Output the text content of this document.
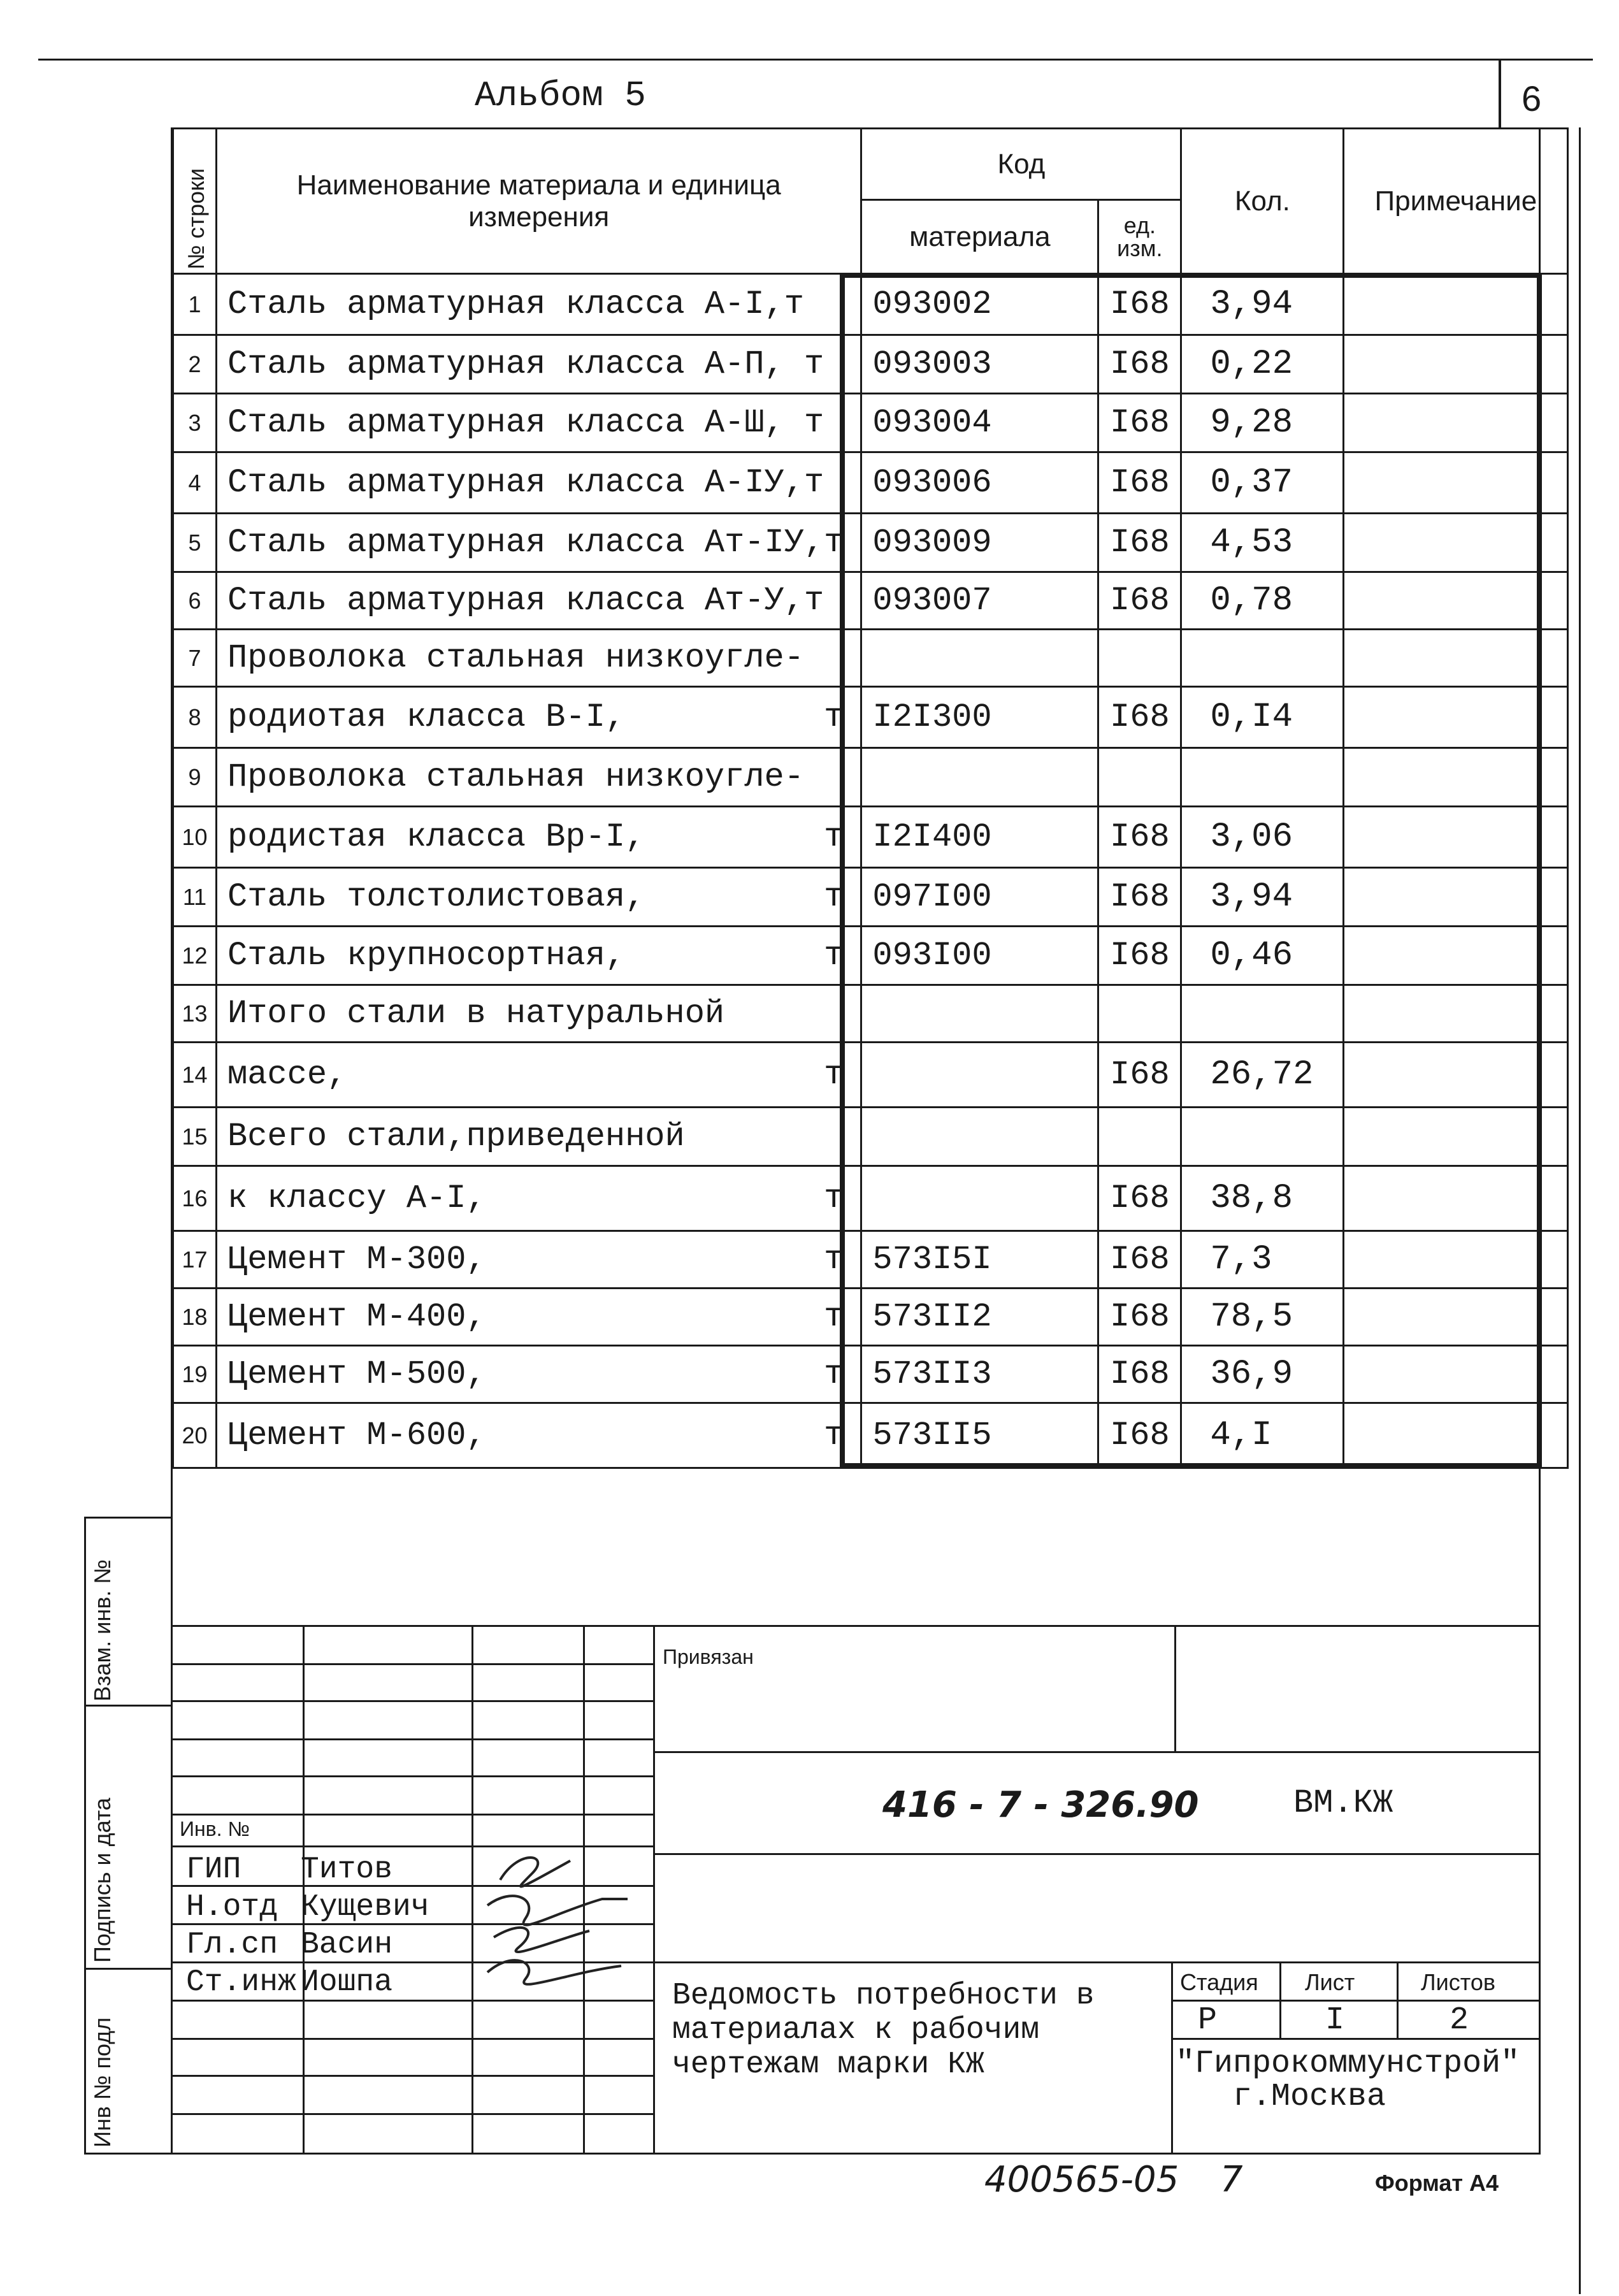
Альбом 5	6
№ строки	Наименование материала и единица измерения	Код		Кол.	Примечание
		материала	ед. изм.		
1	Сталь арматурная класса А-I,т	093002	I68	3,94	
2	Сталь арматурная класса А-П, т	093003	I68	0,22	
3	Сталь арматурная класса А-Ш, т	093004	I68	9,28	
4	Сталь арматурная класса А-IУ,т	093006	I68	0,37	
5	Сталь арматурная класса Ат-IУ,т	093009	I68	4,53	
6	Сталь арматурная класса Ат-У,т	093007	I68	0,78	
7	Проволока стальная низкоугле-				

8	родиотая класса В-I, т	I2I300	I68	0,I4	
9	Проволока стальная низкоугле-				

10	родистая класса Вр-I, т	I2I400	I68	3,06	
11	Сталь толстолистовая, т	097I00	I68	3,94	
12	Сталь крупносортная, т	093I00	I68	0,46	
13	Итого стали в натуральной				

14	массе, т		I68	26,72	
15	Всего стали,приведенной				

16	к классу А-I, т		I68	38,8	
17	Цемент М-300, т	573I5I	I68	7,3	
18	Цемент М-400, т	573II2	I68	78,5	
19	Цемент М-500, т	573II3	I68	36,9	
20	Цемент М-600, т	573II5	I68	4,I	
Взам. инв. №
Подпись и дата
Инв № подл
Инв. №
ГИП	Титов
Н.отд Кущевич
Гл.сп Васин
Ст.инж Иошпа
Привязан
416 - 7 - 326.90	ВМ.КЖ
Ведомость потребности в
материалах к рабочим
чертежам марки КЖ
Стадия Лист	Листов
Р	I	2
"Гипрокоммунстрой"
г.Москва
400565-05 7	Формат А4
